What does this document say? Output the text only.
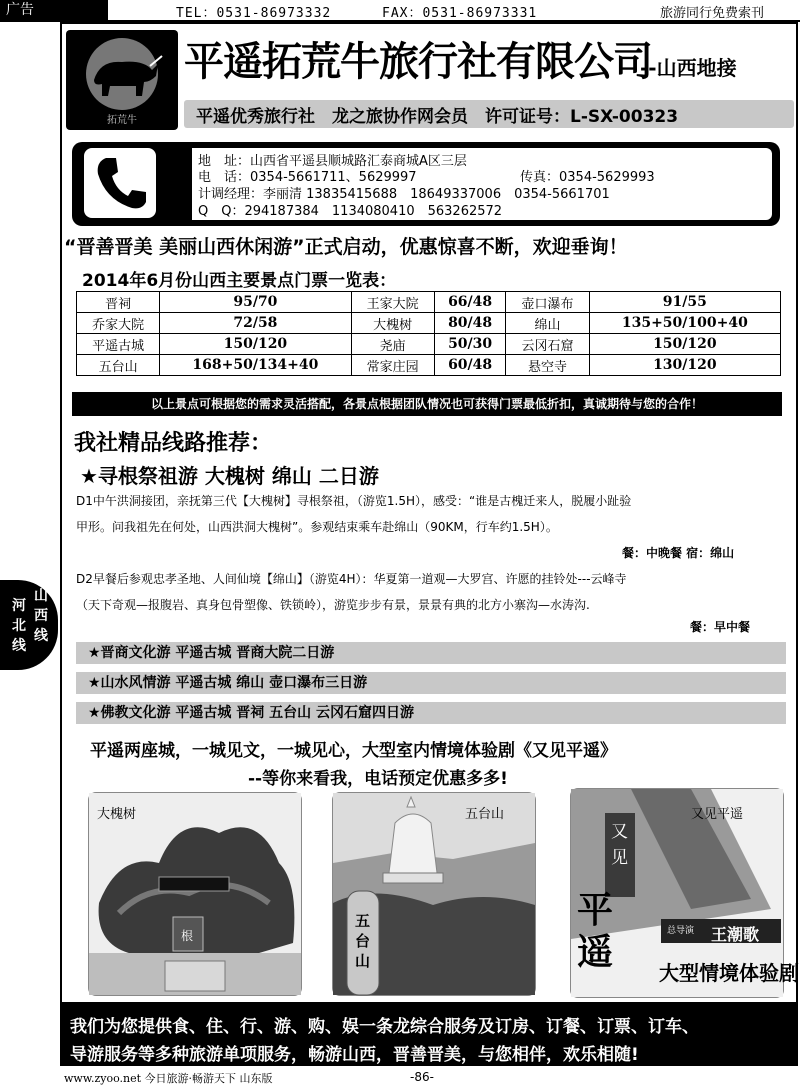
广告	TEL：0531-86973332	FAX：0531-86973331	旅游同行免费索刊
拓荒牛
平遥拓荒牛旅行社有限公司
--山西地接
平遥优秀旅行社　龙之旅协作网会员　许可证号：L-SX-00323
地　址：山西省平遥县顺城路汇泰商城A区三层
电　话：0354-5661711、5629997	传真：0354-5629993
计调经理：李丽清 13835415688　18649337006　0354-5661701
Q　Q：294187384　1134080410　563262572
“晋善晋美 美丽山西休闲游”正式启动，优惠惊喜不断，欢迎垂询！
2014年6月份山西主要景点门票一览表：
晋祠	95/70	王家大院	66/48	壶口瀑布	91/55
乔家大院	72/58	大槐树	80/48	绵山	135+50/100+40
平遥古城	150/120	尧庙	50/30	云冈石窟	150/120
五台山	168+50/134+40	常家庄园	60/48	悬空寺	130/120
以上景点可根据您的需求灵活搭配，各景点根据团队情况也可获得门票最低折扣，真诚期待与您的合作！
我社精品线路推荐：
★寻根祭祖游 大槐树 绵山 二日游
D1中午洪洞接团，亲抚第三代【大槐树】寻根祭祖，（游览1.5H），感受：“谁是古槐迁来人，脱履小趾验
甲形。问我祖先在何处，山西洪洞大槐树”。参观结束乘车赴绵山（90KM，行车约1.5H）。
餐：中晚餐 宿：绵山
D2早餐后参观忠孝圣地、人间仙境【绵山】（游览4H）：华夏第一道观—大罗宫、许愿的挂铃处---云峰寺
（天下奇观—报腹岩、真身包骨塑像、铁锁岭），游览步步有景，景景有典的北方小寨沟—水涛沟.
餐：早中餐
★晋商文化游 平遥古城 晋商大院二日游
★山水风情游 平遥古城 绵山 壶口瀑布三日游
★佛教文化游 平遥古城 晋祠 五台山 云冈石窟四日游
平遥两座城，一城见文，一城见心，大型室内情境体验剧《又见平遥》
--等你来看我，电话预定优惠多多!
大槐树
根
五台山
五台山
又见平遥
又见
平遥	总导演 王潮歌
大型情境体验剧
河北线
山西线
我们为您提供食、住、行、游、购、娱一条龙综合服务及订房、订餐、订票、订车、
导游服务等多种旅游单项服务，畅游山西，晋善晋美，与您相伴，欢乐相随!
www.zyoo.net 今日旅游·畅游天下 山东版	-86-
